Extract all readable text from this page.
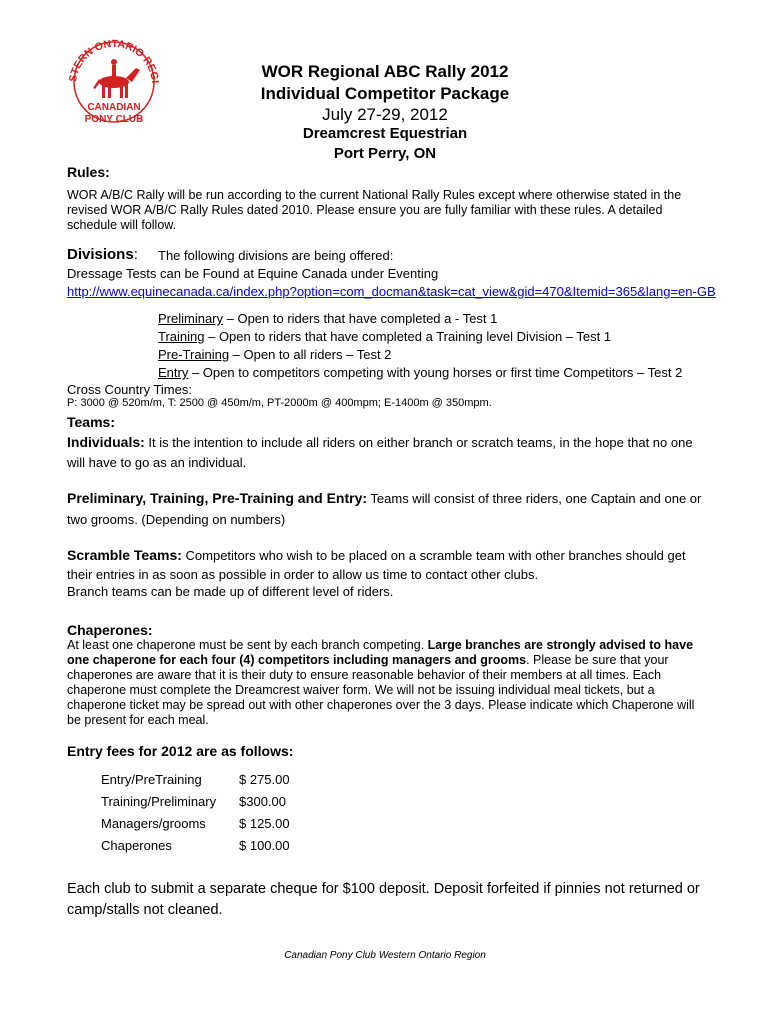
STERN ONTARIO REGI
CANADIAN
PONY CLUB
WOR Regional ABC Rally 2012
Individual Competitor Package
July 27-29, 2012
Dreamcrest Equestrian
Port Perry, ON
Rules:
WOR A/B/C Rally will be run according to the current National Rally Rules except where otherwise stated in the revised WOR A/B/C Rally Rules dated 2010. Please ensure you are fully familiar with these rules. A detailed schedule will follow.
Divisions: The following divisions are being offered:
Dressage Tests can be Found at Equine Canada under Eventing
http://www.equinecanada.ca/index.php?option=com_docman&task=cat_view&gid=470&Itemid=365&lang=en-GB
Preliminary – Open to riders that have completed a - Test 1
Training – Open to riders that have completed a Training level Division – Test 1
Pre-Training – Open to all riders – Test 2
Entry – Open to competitors competing with young horses or first time Competitors – Test 2
Cross Country Times:
P: 3000 @ 520m/m, T: 2500 @ 450m/m, PT-2000m @ 400mpm; E-1400m @ 350mpm.
Teams:
Individuals: It is the intention to include all riders on either branch or scratch teams, in the hope that no one will have to go as an individual.
Preliminary, Training, Pre-Training and Entry: Teams will consist of three riders, one Captain and one or two grooms. (Depending on numbers)
Scramble Teams: Competitors who wish to be placed on a scramble team with other branches should get their entries in as soon as possible in order to allow us time to contact other clubs.
Branch teams can be made up of different level of riders.
Chaperones:
At least one chaperone must be sent by each branch competing. Large branches are strongly advised to have one chaperone for each four (4) competitors including managers and grooms. Please be sure that your chaperones are aware that it is their duty to ensure reasonable behavior of their members at all times. Each chaperone must complete the Dreamcrest waiver form. We will not be issuing individual meal tickets, but a chaperone ticket may be spread out with other chaperones over the 3 days. Please indicate which Chaperone will be present for each meal.
Entry fees for 2012 are as follows:
Entry/PreTraining	$ 275.00
Training/Preliminary	$300.00
Managers/grooms	$ 125.00
Chaperones	$ 100.00
Each club to submit a separate cheque for $100 deposit. Deposit forfeited if pinnies not returned or camp/stalls not cleaned.
Canadian Pony Club Western Ontario Region
